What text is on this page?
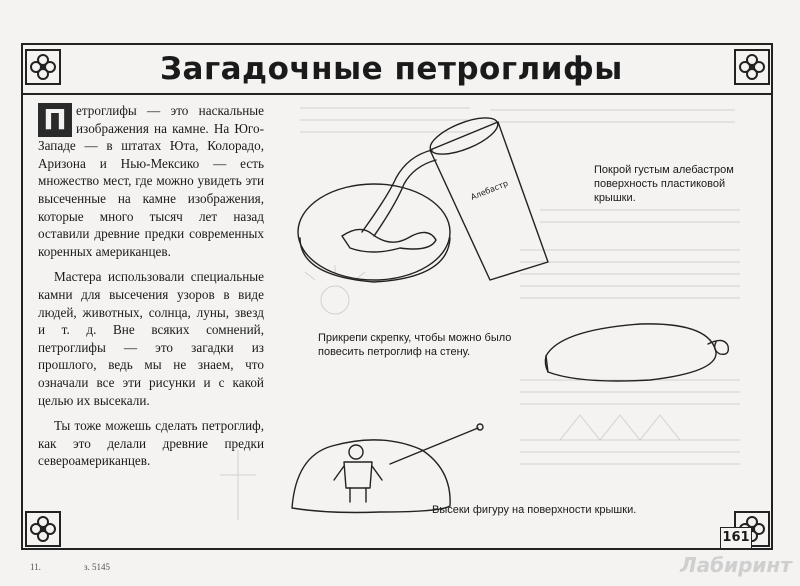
Загадочные петроглифы

П етроглифы — это наскальные изображения на камне. На Юго-Западе — в штатах Юта, Колорадо, Аризона и Нью-Мексико — есть множество мест, где можно увидеть эти высеченные на камне изображения, которые много тысяч лет назад оставили древние предки современных коренных американцев.

Мастера использовали специальные камни для высечения узоров в виде людей, животных, солнца, луны, звезд и т. д. Вне всяких сомнений, петроглифы — это загадки из прошлого, ведь мы не знаем, что означали все эти рисунки и с какой целью их высекали.

Ты тоже можешь сделать петроглиф, как это делали древние предки североамериканцев.

Алебастр
Покрой густым алебастром поверхность пластиковой крышки.
Прикрепи скрепку, чтобы можно было повесить петроглиф на стену.
Высеки фигуру на поверхности крышки.
161
11.	з. 5145	Лабиринт
